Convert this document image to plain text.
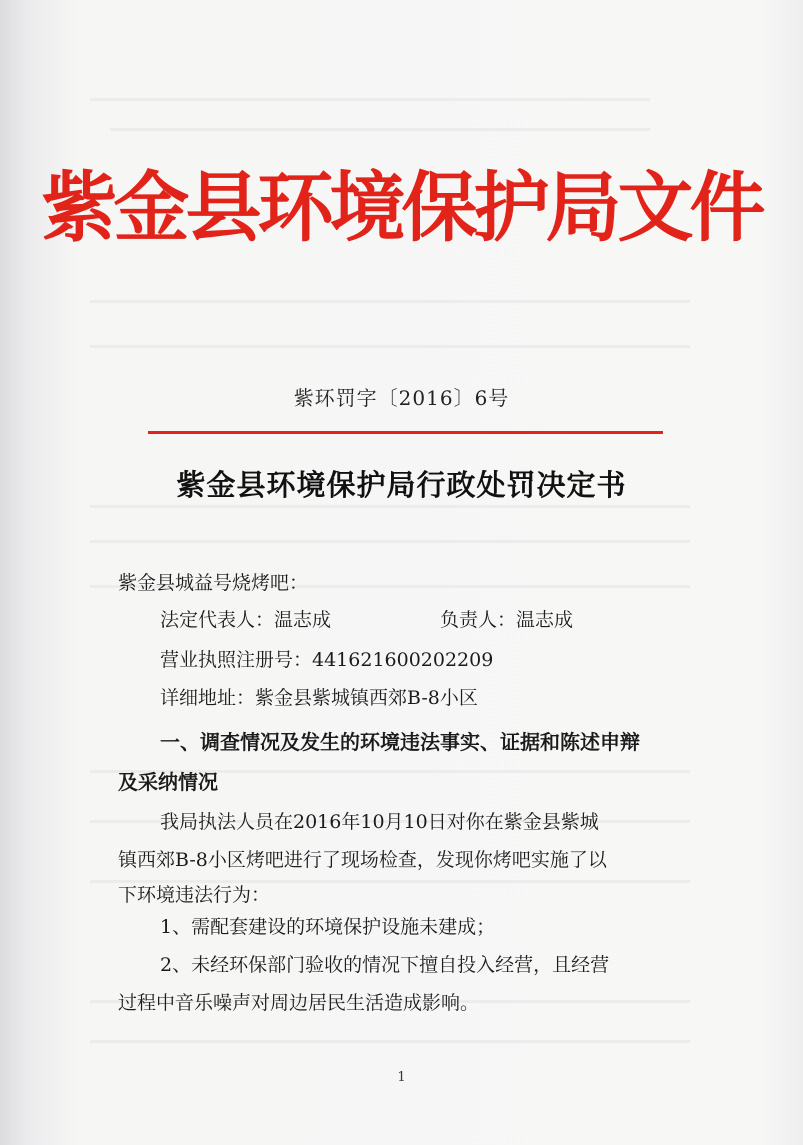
紫金县环境保护局文件
紫环罚字〔2016〕6号
紫金县环境保护局行政处罚决定书
紫金县城益号烧烤吧：
法定代表人：温志成	负责人：温志成
营业执照注册号：441621600202209
详细地址：紫金县紫城镇西郊B-8小区
一、调查情况及发生的环境违法事实、证据和陈述申辩
及采纳情况
我局执法人员在2016年10月10日对你在紫金县紫城
镇西郊B-8小区烤吧进行了现场检查，发现你烤吧实施了以
下环境违法行为：
1、需配套建设的环境保护设施未建成；
2、未经环保部门验收的情况下擅自投入经营，且经营
过程中音乐噪声对周边居民生活造成影响。
1
